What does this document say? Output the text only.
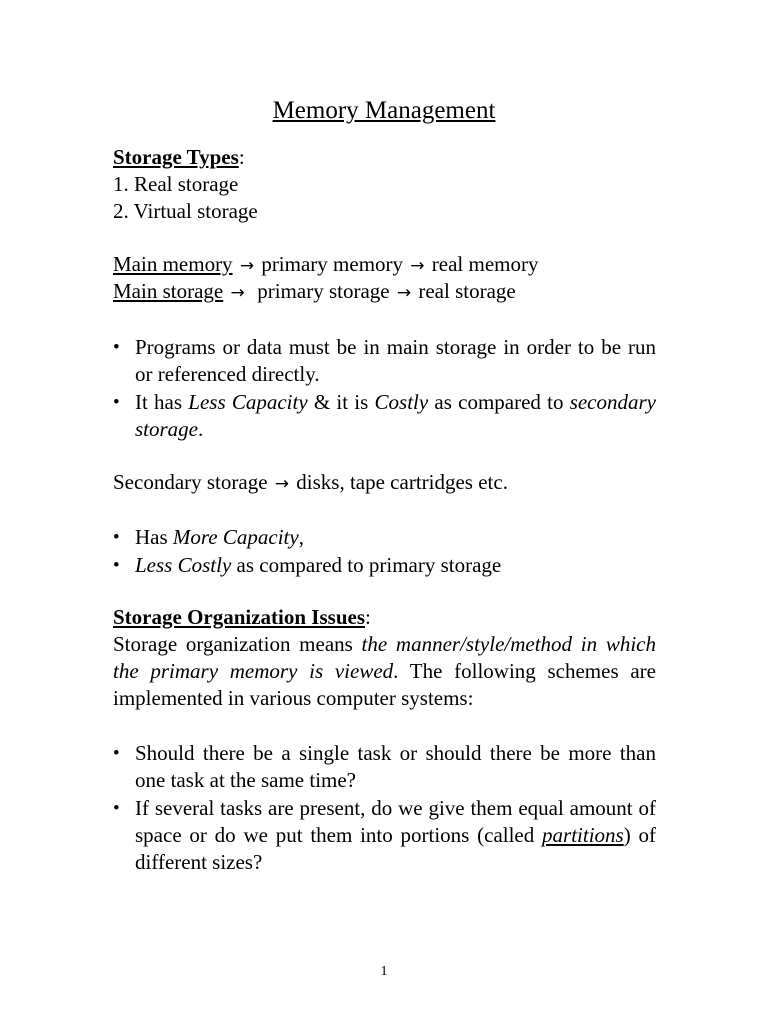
Memory Management
Storage Types:
1. Real storage
2. Virtual storage
Main memory → primary memory → real memory
Main storage → primary storage → real storage
• Programs or data must be in main storage in order to be run or referenced directly.
• It has Less Capacity & it is Costly as compared to secondary storage.
Secondary storage → disks, tape cartridges etc.
• Has More Capacity,
• Less Costly as compared to primary storage
Storage Organization Issues:
Storage organization means the manner/style/method in which the primary memory is viewed. The following schemes are implemented in various computer systems:
• Should there be a single task or should there be more than one task at the same time?
• If several tasks are present, do we give them equal amount of space or do we put them into portions (called partitions) of different sizes?
1
